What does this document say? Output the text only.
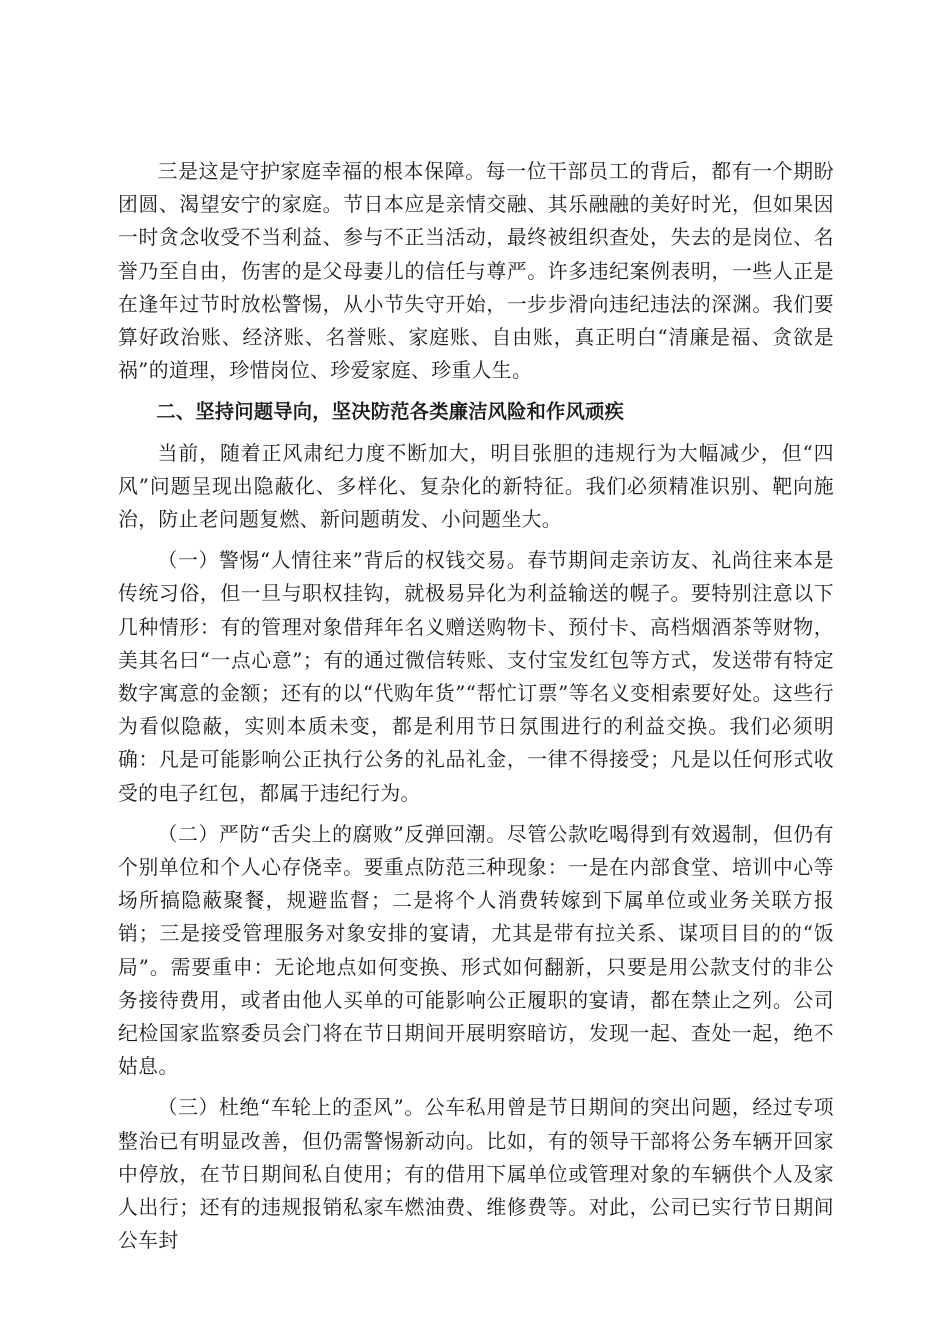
三是这是守护家庭幸福的根本保障。每一位干部员工的背后，都有一个期盼团圆、渴望安宁的家庭。节日本应是亲情交融、其乐融融的美好时光，但如果因一时贪念收受不当利益、参与不正当活动，最终被组织查处，失去的是岗位、名誉乃至自由，伤害的是父母妻儿的信任与尊严。许多违纪案例表明，一些人正是在逢年过节时放松警惕，从小节失守开始，一步步滑向违纪违法的深渊。我们要算好政治账、经济账、名誉账、家庭账、自由账，真正明白“清廉是福、贪欲是祸”的道理，珍惜岗位、珍爱家庭、珍重人生。

二、坚持问题导向，坚决防范各类廉洁风险和作风顽疾

当前，随着正风肃纪力度不断加大，明目张胆的违规行为大幅减少，但“四风”问题呈现出隐蔽化、多样化、复杂化的新特征。我们必须精准识别、靶向施治，防止老问题复燃、新问题萌发、小问题坐大。

（一）警惕“人情往来”背后的权钱交易。春节期间走亲访友、礼尚往来本是传统习俗，但一旦与职权挂钩，就极易异化为利益输送的幌子。要特别注意以下几种情形：有的管理对象借拜年名义赠送购物卡、预付卡、高档烟酒茶等财物，美其名曰“一点心意”；有的通过微信转账、支付宝发红包等方式，发送带有特定数字寓意的金额；还有的以“代购年货”“帮忙订票”等名义变相索要好处。这些行为看似隐蔽，实则本质未变，都是利用节日氛围进行的利益交换。我们必须明确：凡是可能影响公正执行公务的礼品礼金，一律不得接受；凡是以任何形式收受的电子红包，都属于违纪行为。

（二）严防“舌尖上的腐败”反弹回潮。尽管公款吃喝得到有效遏制，但仍有个别单位和个人心存侥幸。要重点防范三种现象：一是在内部食堂、培训中心等场所搞隐蔽聚餐，规避监督；二是将个人消费转嫁到下属单位或业务关联方报销；三是接受管理服务对象安排的宴请，尤其是带有拉关系、谋项目目的的“饭局”。需要重申：无论地点如何变换、形式如何翻新，只要是用公款支付的非公务接待费用，或者由他人买单的可能影响公正履职的宴请，都在禁止之列。公司纪检国家监察委员会门将在节日期间开展明察暗访，发现一起、查处一起，绝不姑息。

（三）杜绝“车轮上的歪风”。公车私用曾是节日期间的突出问题，经过专项整治已有明显改善，但仍需警惕新动向。比如，有的领导干部将公务车辆开回家中停放，在节日期间私自使用；有的借用下属单位或管理对象的车辆供个人及家人出行；还有的违规报销私家车燃油费、维修费等。对此，公司已实行节日期间公车封
